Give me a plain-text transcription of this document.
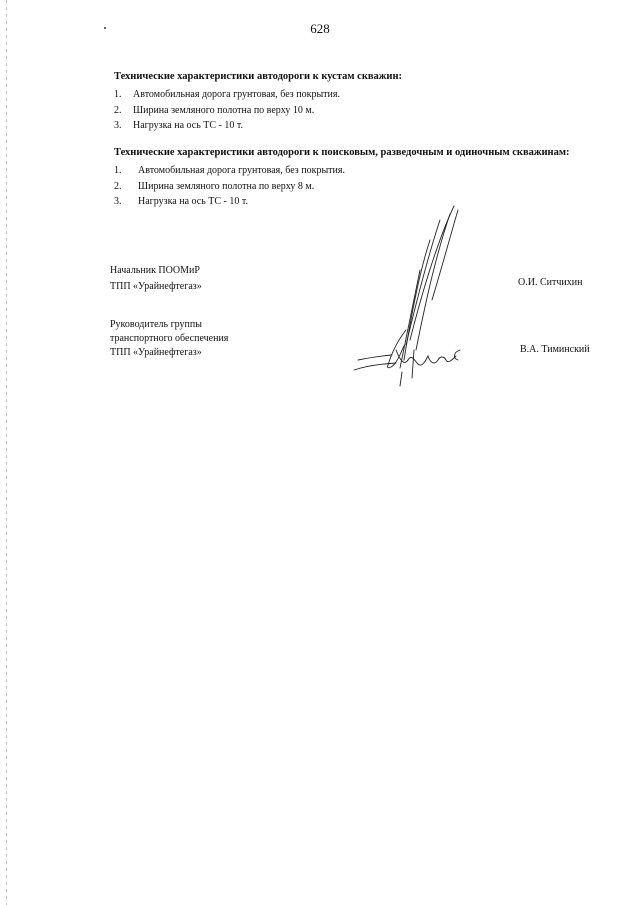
628

Технические характеристики автодороги к кустам скважин:

1.	Автомобильная дорога грунтовая, без покрытия.
2.	Ширина земляного полотна по верху 10 м.
3.	Нагрузка на ось ТС - 10 т.

Технические характеристики автодороги к поисковым, разведочным и одиночным скважинам:

1.	Автомобильная дорога грунтовая, без покрытия.
2.	Ширина земляного полотна по верху 8 м.
3.	Нагрузка на ось ТС - 10 т.
Начальник ПООМиР
ТПП «Урайнефтегаз»	О.И. Ситчихин
Руководитель группы
транспортного обеспечения
ТПП «Урайнефтегаз»	В.А. Тиминский
